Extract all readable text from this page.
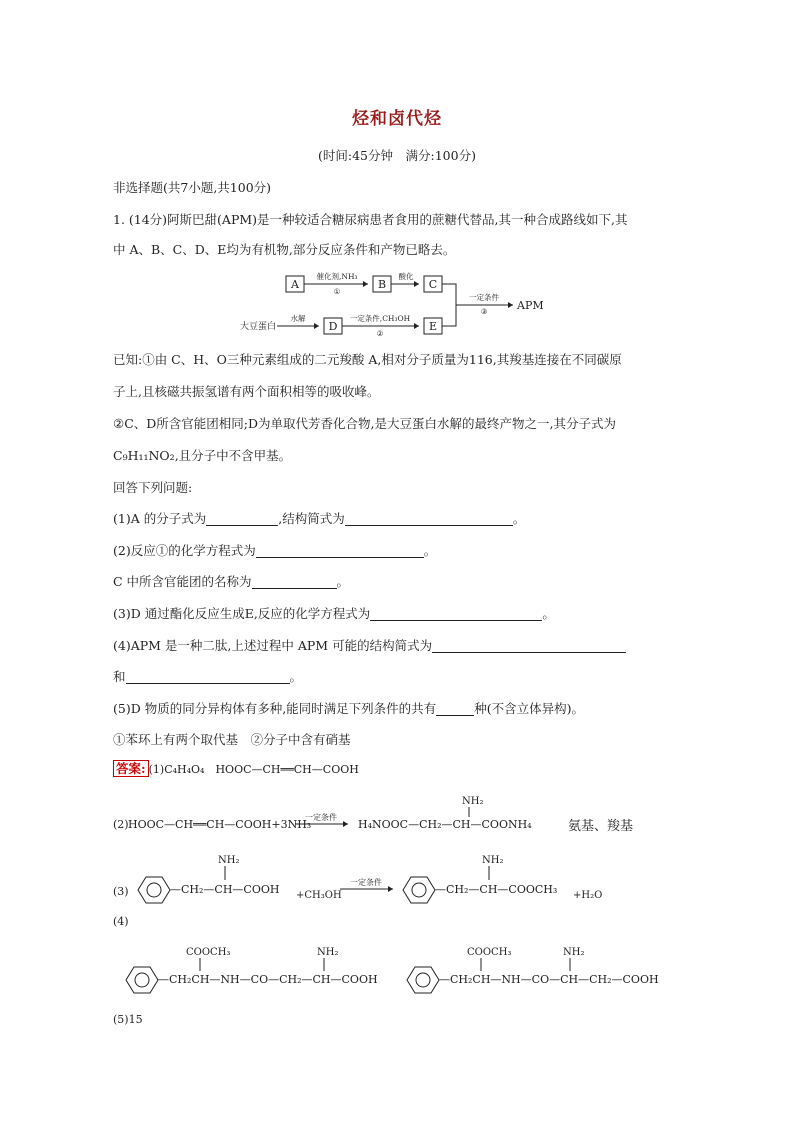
烃和卤代烃
(时间:45分钟　满分:100分)
非选择题(共7小题,共100分)
1. (14分)阿斯巴甜(APM)是一种较适合糖尿病患者食用的蔗糖代替品,其一种合成路线如下,其
中 A、B、C、D、E均为有机物,部分反应条件和产物已略去。
A
催化剂,NH₃
①
B
酸化
C
大豆蛋白
水解
D
一定条件,CH₃OH
②
E
一定条件
③	APM
已知:①由 C、H、O三种元素组成的二元羧酸 A,相对分子质量为116,其羧基连接在不同碳原
子上,且核磁共振氢谱有两个面积相等的吸收峰。
②C、D所含官能团相同;D为单取代芳香化合物,是大豆蛋白水解的最终产物之一,其分子式为
C₉H₁₁NO₂,且分子中不含甲基。
回答下列问题:
(1)A 的分子式为	,结构简式为	。
(2)反应①的化学方程式为	。
C 中所含官能团的名称为	。
(3)D 通过酯化反应生成E,反应的化学方程式为	。
(4)APM 是一种二肽,上述过程中 APM 可能的结构简式为
和	。
(5)D 物质的同分异构体有多种,能同时满足下列条件的共有	种(不含立体异构)。
①苯环上有两个取代基　②分子中含有硝基
答案: (1)C₄H₄O₄　HOOC—CH══CH—COOH
(2) HOOC—CH══CH—COOH+3NH₃
一定条件
NH₂
H₄NOOC—CH₂—CH—COONH₄	氨基、羧基
(3)
NH₂
—CH₂—CH—COOH +CH₃OH
一定条件
NH₂
—CH₂—CH—COOCH₃ +H₂O
(4)
COOCH₃	NH₂
—CH₂CH—NH—CO—CH₂—CH—COOH
COOCH₃	NH₂
—CH₂CH—NH—CO—CH—CH₂—COOH
(5)15
